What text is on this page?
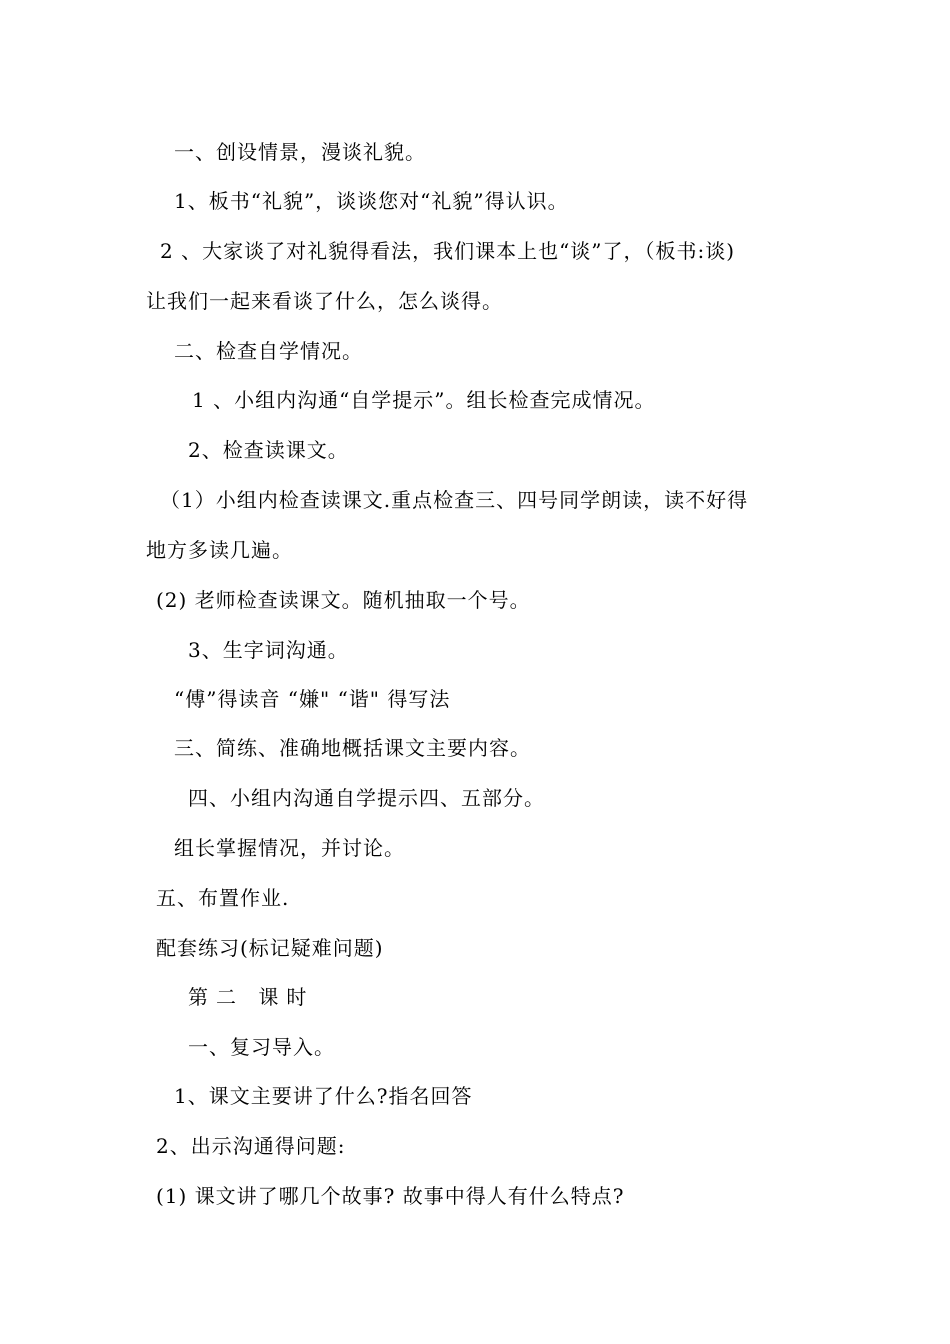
一、创设情景，漫谈礼貌。
1、板书“礼貌”，谈谈您对“礼貌”得认识。
2 、大家谈了对礼貌得看法，我们课本上也“谈”了，（板书:谈)
让我们一起来看谈了什么，怎么谈得。
二、检查自学情况。
1 、小组内沟通“自学提示”。组长检查完成情况。
2、检查读课文。
（1）小组内检查读课文.重点检查三、四号同学朗读，读不好得
地方多读几遍。
(2) 老师检查读课文。随机抽取一个号。
3、生字词沟通。
“傅”得读音 “嫌" “谐" 得写法
三、简练、准确地概括课文主要内容。
四、小组内沟通自学提示四、五部分。
组长掌握情况，并讨论。
五、布置作业.
配套练习(标记疑难问题)
第二 课时
一、复习导入。
1、课文主要讲了什么?指名回答
2、出示沟通得问题:
(1) 课文讲了哪几个故事? 故事中得人有什么特点?
